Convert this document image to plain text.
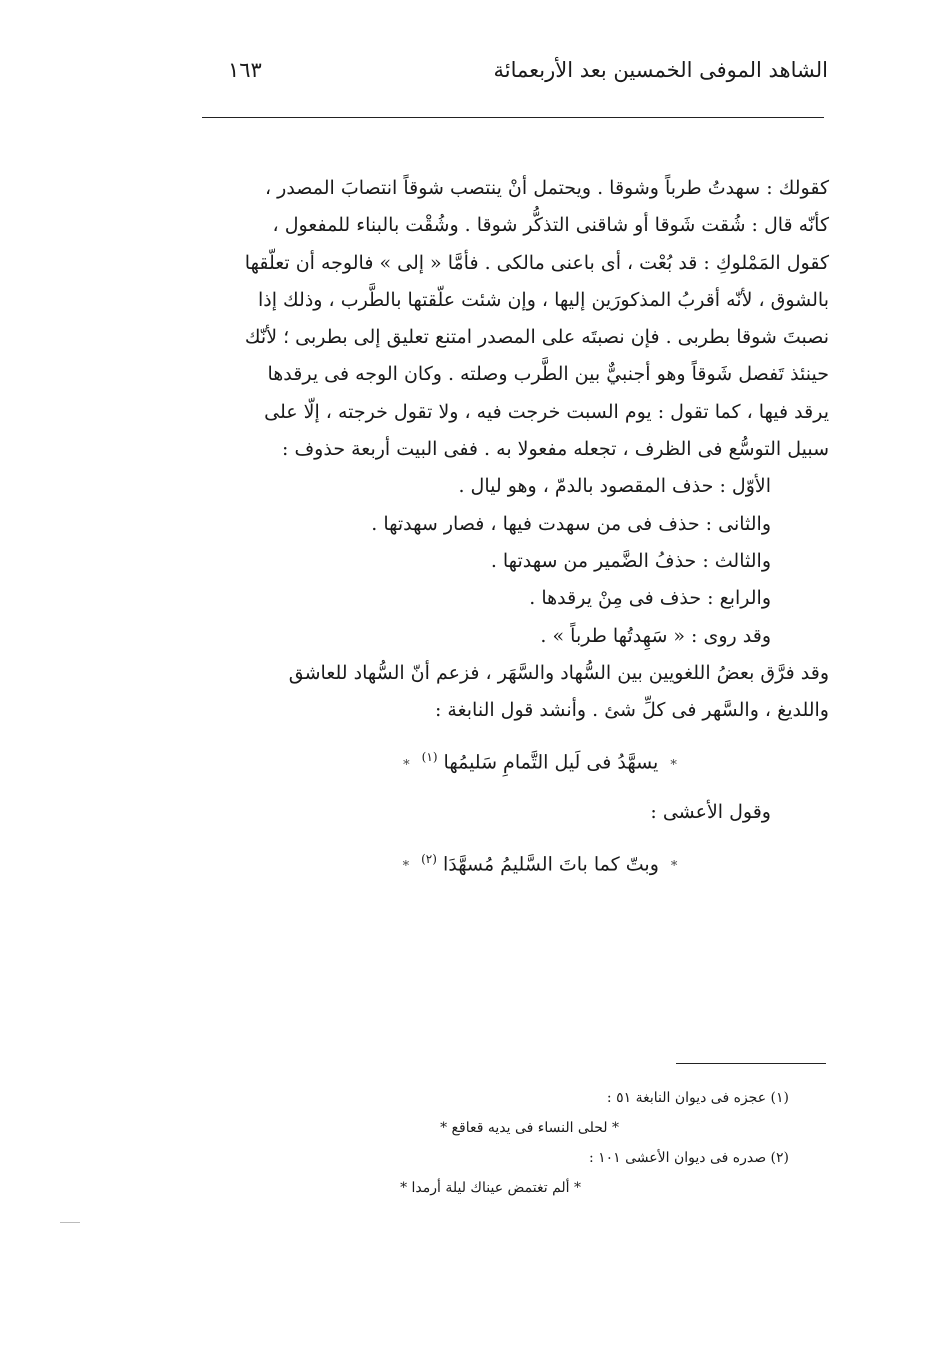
الشاهد الموفى الخمسين بعد الأربعمائة
١٦٣

كقولك : سهدتُ طرباً وشوقا . ويحتمل أنْ ينتصب شوقاً انتصابَ المصدر ،

كأنّه قال : شُقت شَوقا أو شاقنى التذكُّر شوقا . وشُقْت بالبناء للمفعول ،

كقول المَمْلوكِ : قد بُعْت ، أى باعنى مالكى . فأمَّا « إلى » فالوجه أن تعلّقها

بالشوق ، لأنّه أقربُ المذكورَين إليها ، وإن شئت علّقتها بالطَّرب ، وذلك إذا

نصبتَ شوقا بطربى . فإن نصبتَه على المصدر امتنع تعليق إلى بطربى ؛ لأنّك

حينئذ تَفصل شَوقاً وهو أجنبيٌّ بين الطَّرب وصلته . وكان الوجه فى يرقدها

يرقد فيها ، كما تقول : يوم السبت خرجت فيه ، ولا تقول خرجته ، إلّا على

سبيل التوسُّع فى الظرف ، تجعله مفعولا به . ففى البيت أربعة حذوف :

الأوّل : حذف المقصود بالدمّ ، وهو ليال .

والثانى : حذف فى من سهدت فيها ، فصار سهدتها .

والثالث : حذفُ الضَّمير من سهدتها .

والرابع : حذف فى مِنْ يرقدها .

وقد روى : « سَهِدتُها طرباً » .

وقد فرَّق بعضُ اللغويين بين السُّهاد والسَّهَر ، فزعم أنّ السُّهاد للعاشق

واللديغ ، والسَّهر فى كلِّ شئ . وأنشد قول النابغة :

*يسهَّدُ فى لَيل التَّمامِ سَليمُها $^{(١)}$*

وقول الأعشى :

*وبتّ كما باتَ السَّليمُ مُسهَّدَا $^{(٢)}$*

(١) عجزه فى ديوان النابغة ٥١ :

* لحلى النساء فى يديه قعاقع *

(٢) صدره فى ديوان الأعشى ١٠١ :

* ألم تغتمض عيناك ليلة أرمدا *
